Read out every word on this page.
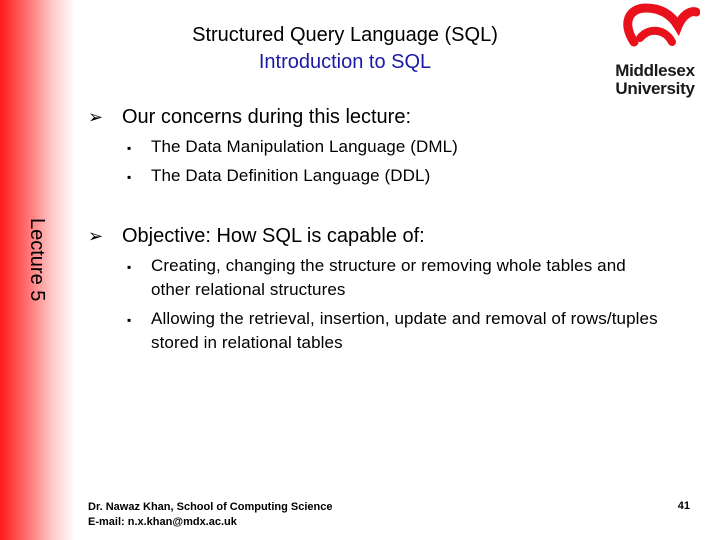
Lecture 5
Structured Query Language (SQL)
Introduction to SQL	Middlesex
University
➢ Our concerns during this lecture:
▪	The Data Manipulation Language (DML)
▪	The Data Definition Language (DDL)
➢ Objective: How SQL is capable of:
▪	Creating, changing the structure or removing whole tables and other relational structures
▪	Allowing the retrieval, insertion, update and removal of rows/tuples stored in relational tables
Dr. Nawaz Khan, School of Computing Science
E-mail: n.x.khan@mdx.ac.uk
41
